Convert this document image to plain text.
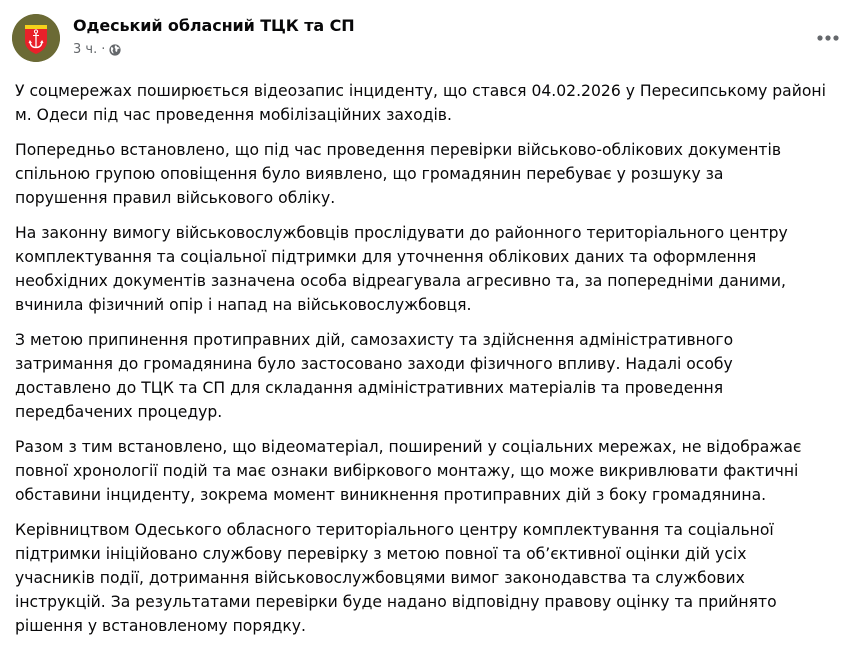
Одеський обласний ТЦК та СП
3 ч. ·
У соцмережах поширюється відеозапис інциденту, що стався 04.02.2026 у Пересипському районі
м. Одеси під час проведення мобілізаційних заходів.
Попередньо встановлено, що під час проведення перевірки військово-облікових документів
спільною групою оповіщення було виявлено, що громадянин перебуває у розшуку за
порушення правил військового обліку.
На законну вимогу військовослужбовців прослідувати до районного територіального центру
комплектування та соціальної підтримки для уточнення облікових даних та оформлення
необхідних документів зазначена особа відреагувала агресивно та, за попередніми даними,
вчинила фізичний опір і напад на військовослужбовця.
З метою припинення протиправних дій, самозахисту та здійснення адміністративного
затримання до громадянина було застосовано заходи фізичного впливу. Надалі особу
доставлено до ТЦК та СП для складання адміністративних матеріалів та проведення
передбачених процедур.
Разом з тим встановлено, що відеоматеріал, поширений у соціальних мережах, не відображає
повної хронології подій та має ознаки вибіркового монтажу, що може викривлювати фактичні
обставини інциденту, зокрема момент виникнення протиправних дій з боку громадянина.
Керівництвом Одеського обласного територіального центру комплектування та соціальної
підтримки ініційовано службову перевірку з метою повної та об’єктивної оцінки дій усіх
учасників події, дотримання військовослужбовцями вимог законодавства та службових
інструкцій. За результатами перевірки буде надано відповідну правову оцінку та прийнято
рішення у встановленому порядку.
